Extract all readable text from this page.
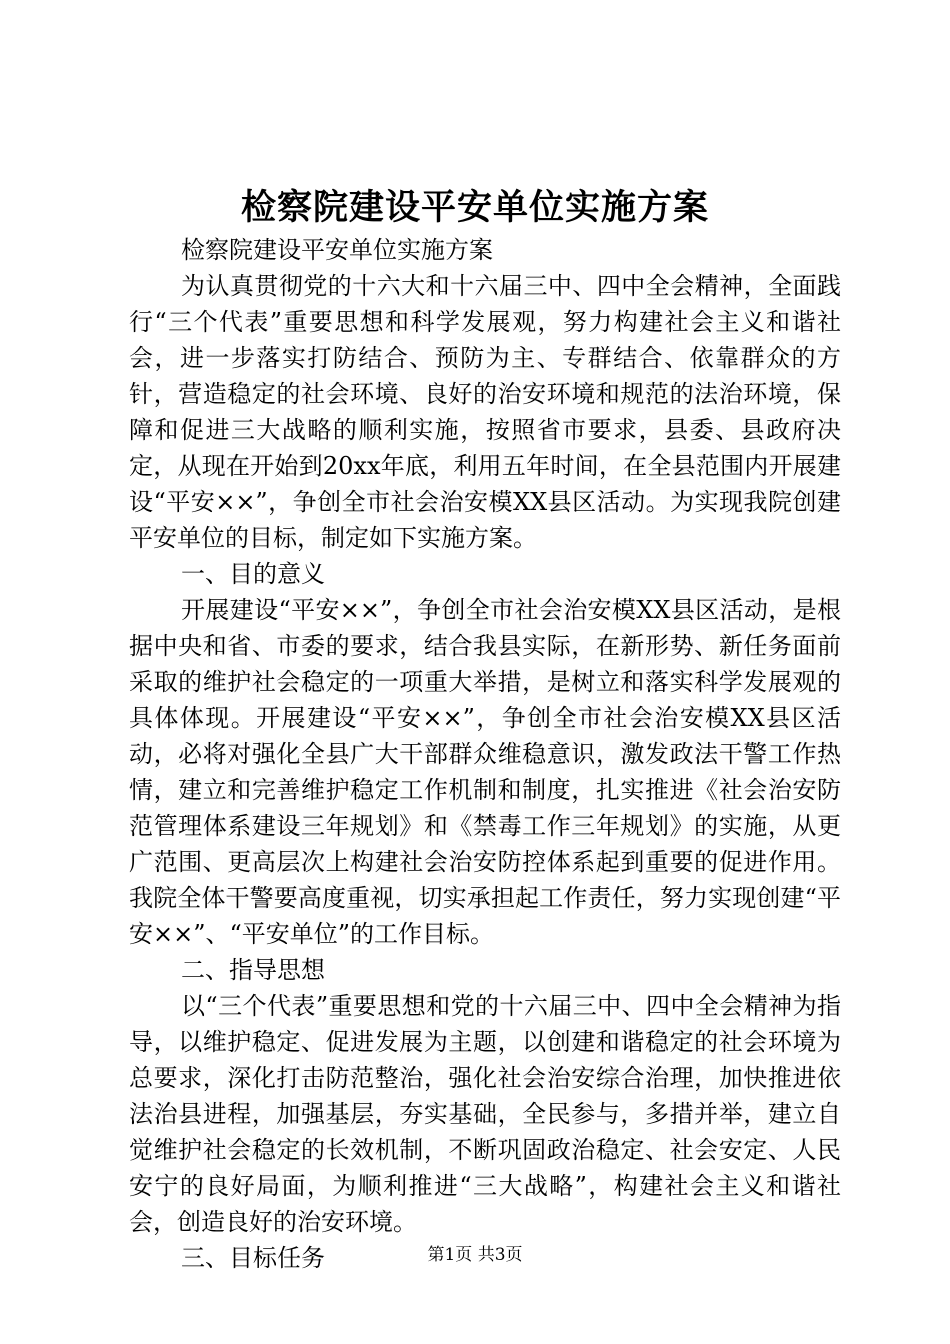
检察院建设平安单位实施方案

检察院建设平安单位实施方案

为认真贯彻党的十六大和十六届三中、四中全会精神，全面践行“三个代表”重要思想和科学发展观，努力构建社会主义和谐社会，进一步落实打防结合、预防为主、专群结合、依靠群众的方针，营造稳定的社会环境、良好的治安环境和规范的法治环境，保障和促进三大战略的顺利实施，按照省市要求，县委、县政府决定，从现在开始到20xx年底，利用五年时间，在全县范围内开展建设“平安××”，争创全市社会治安模XX县区活动。为实现我院创建平安单位的目标，制定如下实施方案。

一、目的意义

开展建设“平安××”，争创全市社会治安模XX县区活动，是根据中央和省、市委的要求，结合我县实际，在新形势、新任务面前采取的维护社会稳定的一项重大举措，是树立和落实科学发展观的具体体现。开展建设“平安××”，争创全市社会治安模XX县区活动，必将对强化全县广大干部群众维稳意识，激发政法干警工作热情，建立和完善维护稳定工作机制和制度，扎实推进《社会治安防范管理体系建设三年规划》和《禁毒工作三年规划》的实施，从更广范围、更高层次上构建社会治安防控体系起到重要的促进作用。我院全体干警要高度重视，切实承担起工作责任，努力实现创建“平安××”、“平安单位”的工作目标。

二、指导思想

以“三个代表”重要思想和党的十六届三中、四中全会精神为指导，以维护稳定、促进发展为主题，以创建和谐稳定的社会环境为总要求，深化打击防范整治，强化社会治安综合治理，加快推进依法治县进程，加强基层，夯实基础，全民参与，多措并举，建立自觉维护社会稳定的长效机制，不断巩固政治稳定、社会安定、人民安宁的良好局面，为顺利推进“三大战略”，构建社会主义和谐社会，创造良好的治安环境。

三、目标任务	第1页 共3页
